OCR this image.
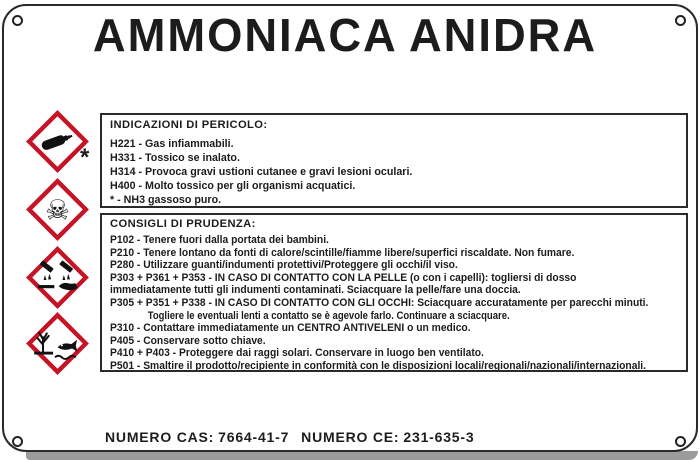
AMMONIACA ANIDRA
*
☠
INDICAZIONI DI PERICOLO:
H221 - Gas infiammabili.
H331 - Tossico se inalato.
H314 - Provoca gravi ustioni cutanee e gravi lesioni oculari.
H400 - Molto tossico per gli organismi acquatici.
* - NH3 gassoso puro.
CONSIGLI DI PRUDENZA:
P102 - Tenere fuori dalla portata dei bambini.
P210 - Tenere lontano da fonti di calore/scintille/fiamme libere/superfici riscaldate. Non fumare.
P280 - Utilizzare guanti/indumenti protettivi/Proteggere gli occhi/il viso.
P303 + P361 + P353 - IN CASO DI CONTATTO CON LA PELLE (o con i capelli): togliersi di dosso
immediatamente tutti gli indumenti contaminati. Sciacquare la pelle/fare una doccia.
P305 + P351 + P338 - IN CASO DI CONTATTO CON GLI OCCHI: Sciacquare accuratamente per parecchi minuti.
Togliere le eventuali lenti a contatto se è agevole farlo. Continuare a sciacquare.
P310 - Contattare immediatamente un CENTRO ANTIVELENI o un medico.
P405 - Conservare sotto chiave.
P410 + P403 - Proteggere dai raggi solari. Conservare in luogo ben ventilato.
P501 - Smaltire il prodotto/recipiente in conformità con le disposizioni locali/regionali/nazionali/internazionali.
NUMERO CAS: 7664-41-7 NUMERO CE: 231-635-3
